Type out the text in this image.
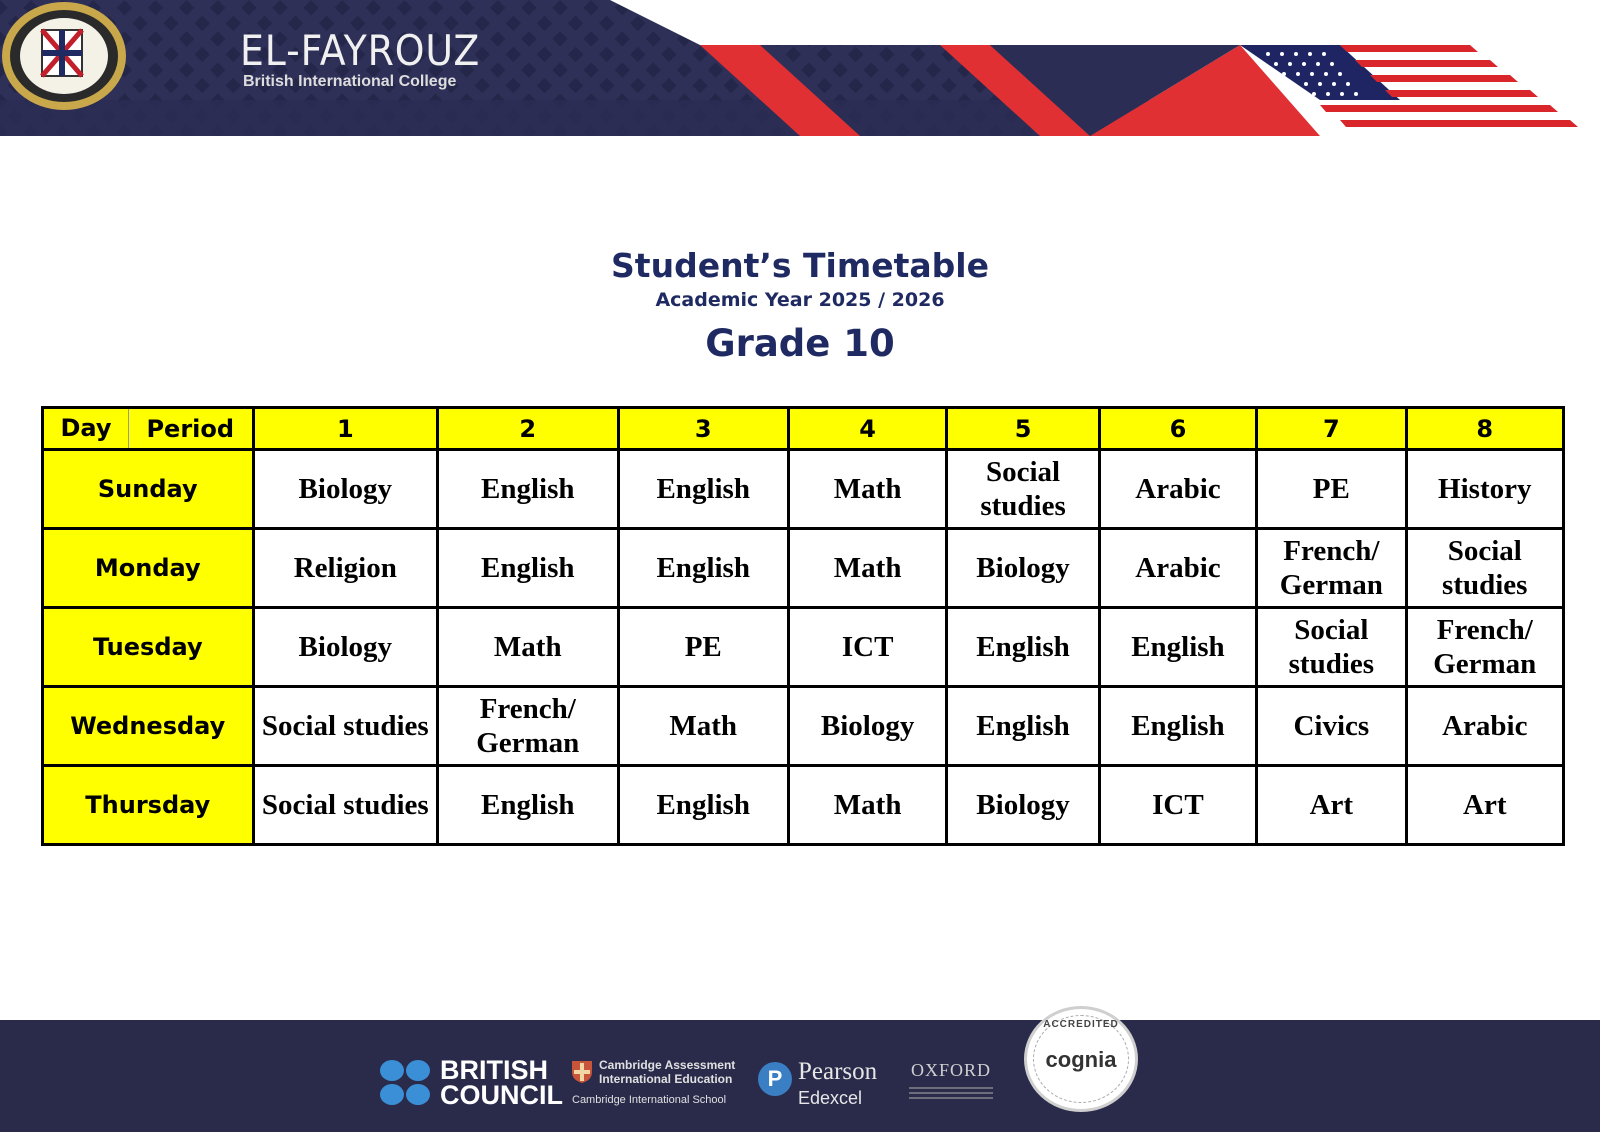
EL-FAYROUZ
British International College

Student’s Timetable

Academic Year 2025 / 2026

Grade 10

Day Period	1	2	3	4	5	6	7	8
Sunday	Biology	English	English	Math	Social studies	Arabic	PE	History
Monday	Religion	English	English	Math	Biology	Arabic	French/ German	Social studies
Tuesday	Biology	Math	PE	ICT	English	English	Social studies	French/ German
Wednesday	Social studies	French/ German	Math	Biology	English	English	Civics	Arabic
Thursday	Social studies	English	English	Math	Biology	ICT	Art	Art
BRITISH
COUNCIL
Cambridge Assessment
International Education
Cambridge International School
P Pearson
Edexcel
OXFORD
ACCREDITED
cognia
